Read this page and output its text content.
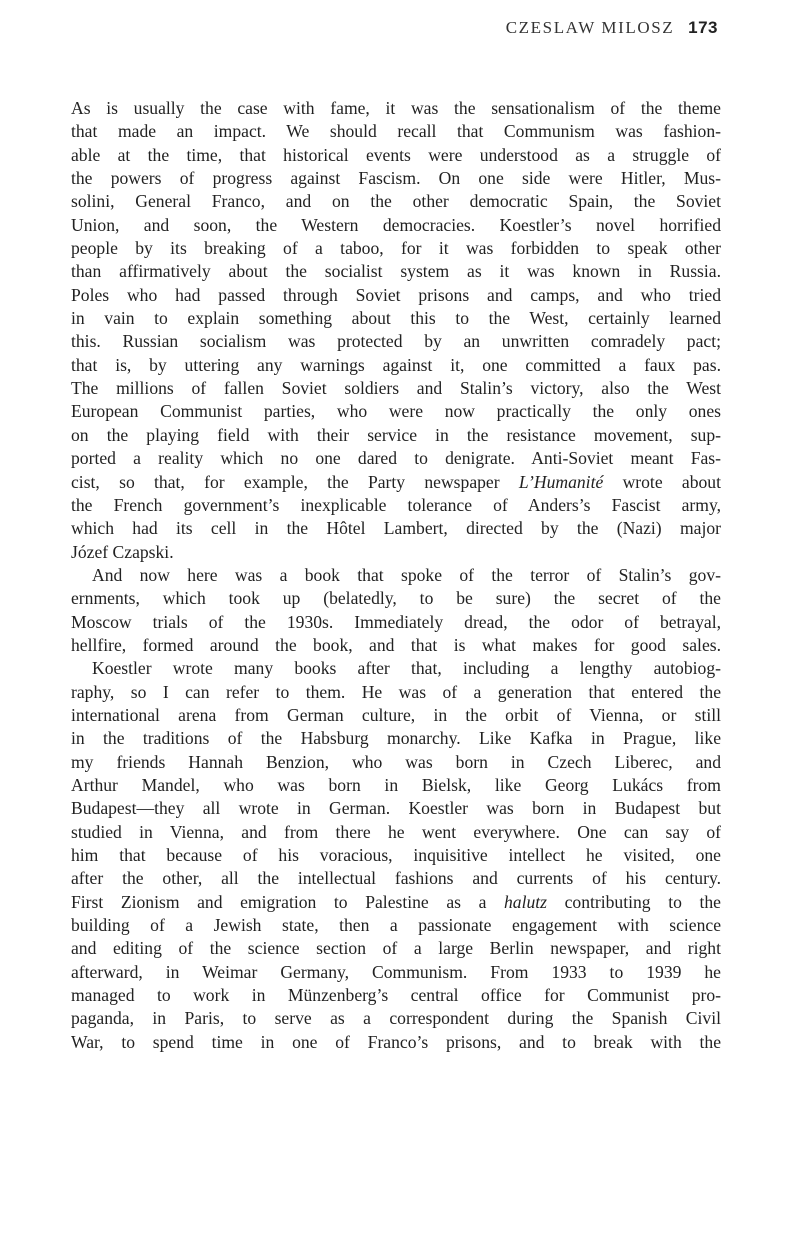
CZESLAW MILOSZ 173

As is usually the case with fame, it was the sensationalism of the theme
that made an impact. We should recall that Communism was fashion-
able at the time, that historical events were understood as a struggle of
the powers of progress against Fascism. On one side were Hitler, Mus-
solini, General Franco, and on the other democratic Spain, the Soviet
Union, and soon, the Western democracies. Koestler’s novel horrified
people by its breaking of a taboo, for it was forbidden to speak other
than affirmatively about the socialist system as it was known in Russia.
Poles who had passed through Soviet prisons and camps, and who tried
in vain to explain something about this to the West, certainly learned
this. Russian socialism was protected by an unwritten comradely pact;
that is, by uttering any warnings against it, one committed a faux pas.
The millions of fallen Soviet soldiers and Stalin’s victory, also the West
European Communist parties, who were now practically the only ones
on the playing field with their service in the resistance movement, sup-
ported a reality which no one dared to denigrate. Anti-Soviet meant Fas-
cist, so that, for example, the Party newspaper L’Humanité wrote about
the French government’s inexplicable tolerance of Anders’s Fascist army,
which had its cell in the Hôtel Lambert, directed by the (Nazi) major
Józef Czapski.

And now here was a book that spoke of the terror of Stalin’s gov-
ernments, which took up (belatedly, to be sure) the secret of the
Moscow trials of the 1930s. Immediately dread, the odor of betrayal,
hellfire, formed around the book, and that is what makes for good sales.

Koestler wrote many books after that, including a lengthy autobiog-
raphy, so I can refer to them. He was of a generation that entered the
international arena from German culture, in the orbit of Vienna, or still
in the traditions of the Habsburg monarchy. Like Kafka in Prague, like
my friends Hannah Benzion, who was born in Czech Liberec, and
Arthur Mandel, who was born in Bielsk, like Georg Lukács from
Budapest—they all wrote in German. Koestler was born in Budapest but
studied in Vienna, and from there he went everywhere. One can say of
him that because of his voracious, inquisitive intellect he visited, one
after the other, all the intellectual fashions and currents of his century.
First Zionism and emigration to Palestine as a halutz contributing to the
building of a Jewish state, then a passionate engagement with science
and editing of the science section of a large Berlin newspaper, and right
afterward, in Weimar Germany, Communism. From 1933 to 1939 he
managed to work in Münzenberg’s central office for Communist pro-
paganda, in Paris, to serve as a correspondent during the Spanish Civil
War, to spend time in one of Franco’s prisons, and to break with the
